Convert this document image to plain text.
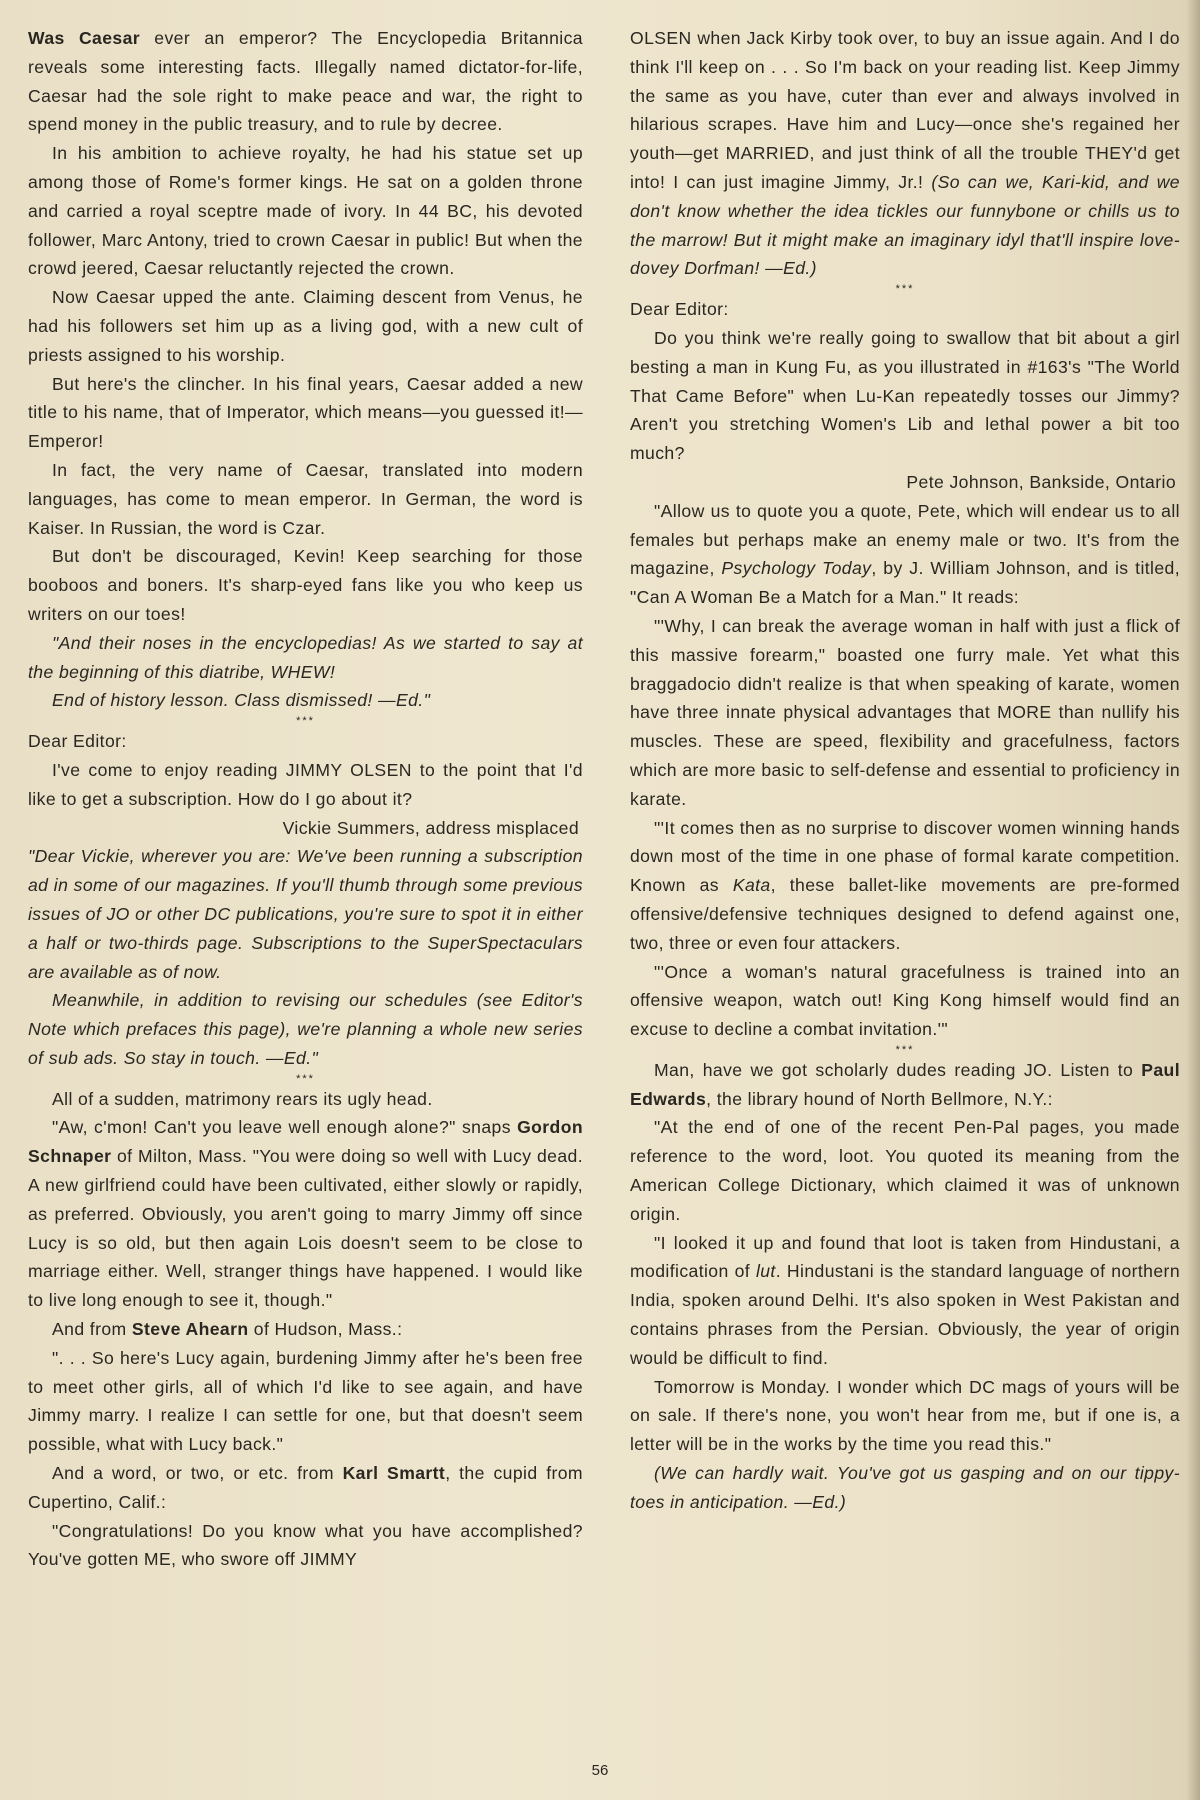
Was Caesar ever an emperor? The Encyclopedia Britannica reveals some interesting facts. Illegally named dictator-for-life, Caesar had the sole right to make peace and war, the right to spend money in the public treasury, and to rule by decree.

In his ambition to achieve royalty, he had his statue set up among those of Rome's former kings. He sat on a golden throne and carried a royal sceptre made of ivory. In 44 BC, his devoted follower, Marc Antony, tried to crown Caesar in public! But when the crowd jeered, Caesar reluctantly rejected the crown.

Now Caesar upped the ante. Claiming descent from Venus, he had his followers set him up as a living god, with a new cult of priests assigned to his worship.

But here's the clincher. In his final years, Caesar added a new title to his name, that of Imperator, which means—you guessed it!—Emperor!

In fact, the very name of Caesar, translated into modern languages, has come to mean emperor. In German, the word is Kaiser. In Russian, the word is Czar.

But don't be discouraged, Kevin! Keep searching for those booboos and boners. It's sharp-eyed fans like you who keep us writers on our toes!

"And their noses in the encyclopedias! As we started to say at the beginning of this diatribe, WHEW!

End of history lesson. Class dismissed! —Ed."

***

Dear Editor:

I've come to enjoy reading JIMMY OLSEN to the point that I'd like to get a subscription. How do I go about it?

Vickie Summers, address misplaced

"Dear Vickie, wherever you are: We've been running a subscription ad in some of our magazines. If you'll thumb through some previous issues of JO or other DC publications, you're sure to spot it in either a half or two-thirds page. Subscriptions to the SuperSpectaculars are available as of now.

Meanwhile, in addition to revising our schedules (see Editor's Note which prefaces this page), we're planning a whole new series of sub ads. So stay in touch. —Ed."

***

All of a sudden, matrimony rears its ugly head.

"Aw, c'mon! Can't you leave well enough alone?" snaps Gordon Schnaper of Milton, Mass. "You were doing so well with Lucy dead. A new girlfriend could have been cultivated, either slowly or rapidly, as preferred. Obviously, you aren't going to marry Jimmy off since Lucy is so old, but then again Lois doesn't seem to be close to marriage either. Well, stranger things have happened. I would like to live long enough to see it, though."

And from Steve Ahearn of Hudson, Mass.:

". . . So here's Lucy again, burdening Jimmy after he's been free to meet other girls, all of which I'd like to see again, and have Jimmy marry. I realize I can settle for one, but that doesn't seem possible, what with Lucy back."

And a word, or two, or etc. from Karl Smartt, the cupid from Cupertino, Calif.:

"Congratulations! Do you know what you have accomplished? You've gotten ME, who swore off JIMMY

OLSEN when Jack Kirby took over, to buy an issue again. And I do think I'll keep on . . . So I'm back on your reading list. Keep Jimmy the same as you have, cuter than ever and always involved in hilarious scrapes. Have him and Lucy—once she's regained her youth—get MARRIED, and just think of all the trouble THEY'd get into! I can just imagine Jimmy, Jr.! (So can we, Kari-kid, and we don't know whether the idea tickles our funnybone or chills us to the marrow! But it might make an imaginary idyl that'll inspire love-dovey Dorfman! —Ed.)

***

Dear Editor:

Do you think we're really going to swallow that bit about a girl besting a man in Kung Fu, as you illustrated in #163's "The World That Came Before" when Lu-Kan repeatedly tosses our Jimmy? Aren't you stretching Women's Lib and lethal power a bit too much?

Pete Johnson, Bankside, Ontario

"Allow us to quote you a quote, Pete, which will endear us to all females but perhaps make an enemy male or two. It's from the magazine, Psychology Today, by J. William Johnson, and is titled, "Can A Woman Be a Match for a Man." It reads:

"'Why, I can break the average woman in half with just a flick of this massive forearm," boasted one furry male. Yet what this braggadocio didn't realize is that when speaking of karate, women have three innate physical advantages that MORE than nullify his muscles. These are speed, flexibility and gracefulness, factors which are more basic to self-defense and essential to proficiency in karate.

"'It comes then as no surprise to discover women winning hands down most of the time in one phase of formal karate competition. Known as Kata, these ballet-like movements are pre-formed offensive/defensive techniques designed to defend against one, two, three or even four attackers.

"'Once a woman's natural gracefulness is trained into an offensive weapon, watch out! King Kong himself would find an excuse to decline a combat invitation.'"

***

Man, have we got scholarly dudes reading JO. Listen to Paul Edwards, the library hound of North Bellmore, N.Y.:

"At the end of one of the recent Pen-Pal pages, you made reference to the word, loot. You quoted its meaning from the American College Dictionary, which claimed it was of unknown origin.

"I looked it up and found that loot is taken from Hindustani, a modification of lut. Hindustani is the standard language of northern India, spoken around Delhi. It's also spoken in West Pakistan and contains phrases from the Persian. Obviously, the year of origin would be difficult to find.

Tomorrow is Monday. I wonder which DC mags of yours will be on sale. If there's none, you won't hear from me, but if one is, a letter will be in the works by the time you read this."

(We can hardly wait. You've got us gasping and on our tippy-toes in anticipation. —Ed.)

56
